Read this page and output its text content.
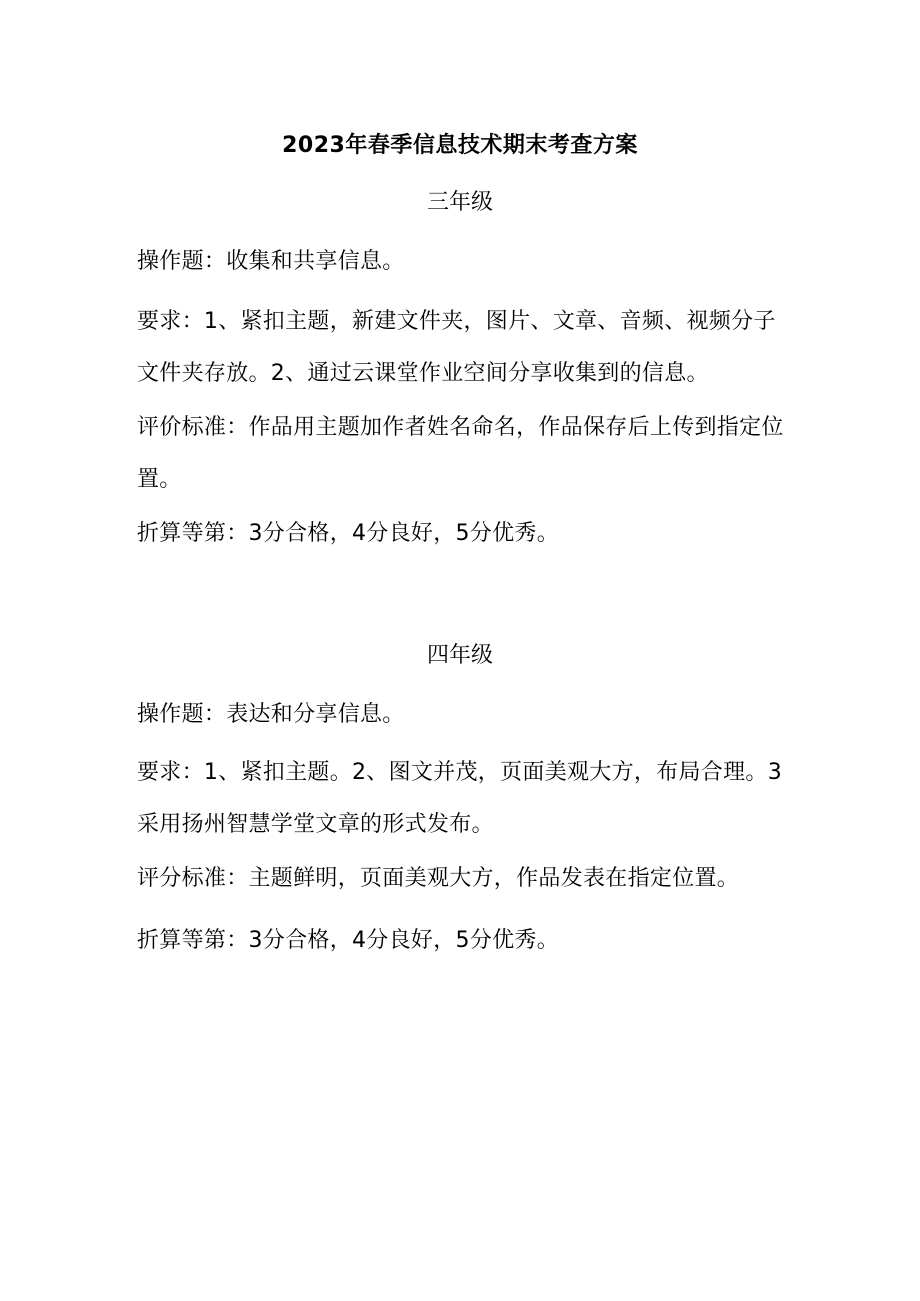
2023年春季信息技术期末考查方案
三年级

操作题：收集和共享信息。

要求：1、紧扣主题，新建文件夹，图片、文章、音频、视频分子文件夹存放。2、通过云课堂作业空间分享收集到的信息。

评价标准：作品用主题加作者姓名命名，作品保存后上传到指定位置。

折算等第：3分合格，4分良好，5分优秀。

四年级

操作题：表达和分享信息。

要求：1、紧扣主题。2、图文并茂，页面美观大方，布局合理。3采用扬州智慧学堂文章的形式发布。

评分标准：主题鲜明，页面美观大方，作品发表在指定位置。

折算等第：3分合格，4分良好，5分优秀。
